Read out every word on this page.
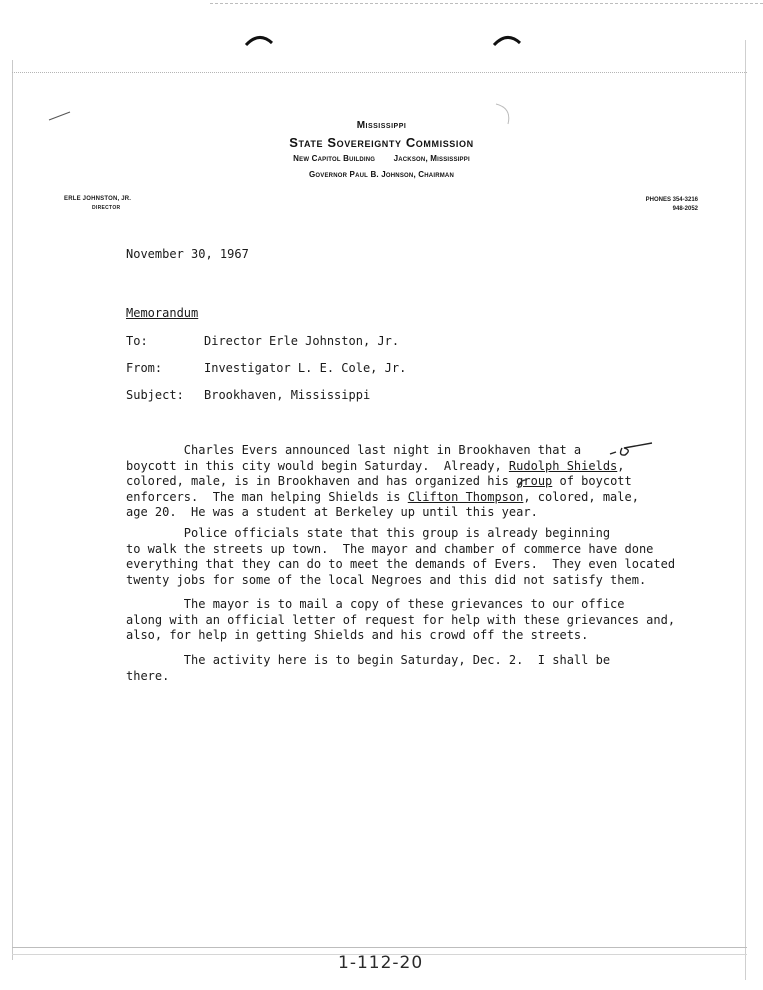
Mississippi
State Sovereignty Commission
New Capitol Building Jackson, Mississippi
Governor Paul B. Johnson, Chairman
ERLE JOHNSTON, JR.
DIRECTOR
PHONES 354-3216
948-2052
November 30, 1967
Memorandum
To:	Director Erle Johnston, Jr.
From:	Investigator L. E. Cole, Jr.
Subject: Brookhaven, Mississippi
Charles Evers announced last night in Brookhaven that a
boycott in this city would begin Saturday.  Already, Rudolph Shields,
colored, male, is in Brookhaven and has organized his group of boycott
enforcers.  The man helping Shields is Clifton Thompson, colored, male,
age 20.  He was a student at Berkeley up until this year.
Police officials state that this group is already beginning
to walk the streets up town.  The mayor and chamber of commerce have done
everything that they can do to meet the demands of Evers.  They even located
twenty jobs for some of the local Negroes and this did not satisfy them.
The mayor is to mail a copy of these grievances to our office
along with an official letter of request for help with these grievances and,
also, for help in getting Shields and his crowd off the streets.
The activity here is to begin Saturday, Dec. 2.  I shall be
there.
1-112-20
